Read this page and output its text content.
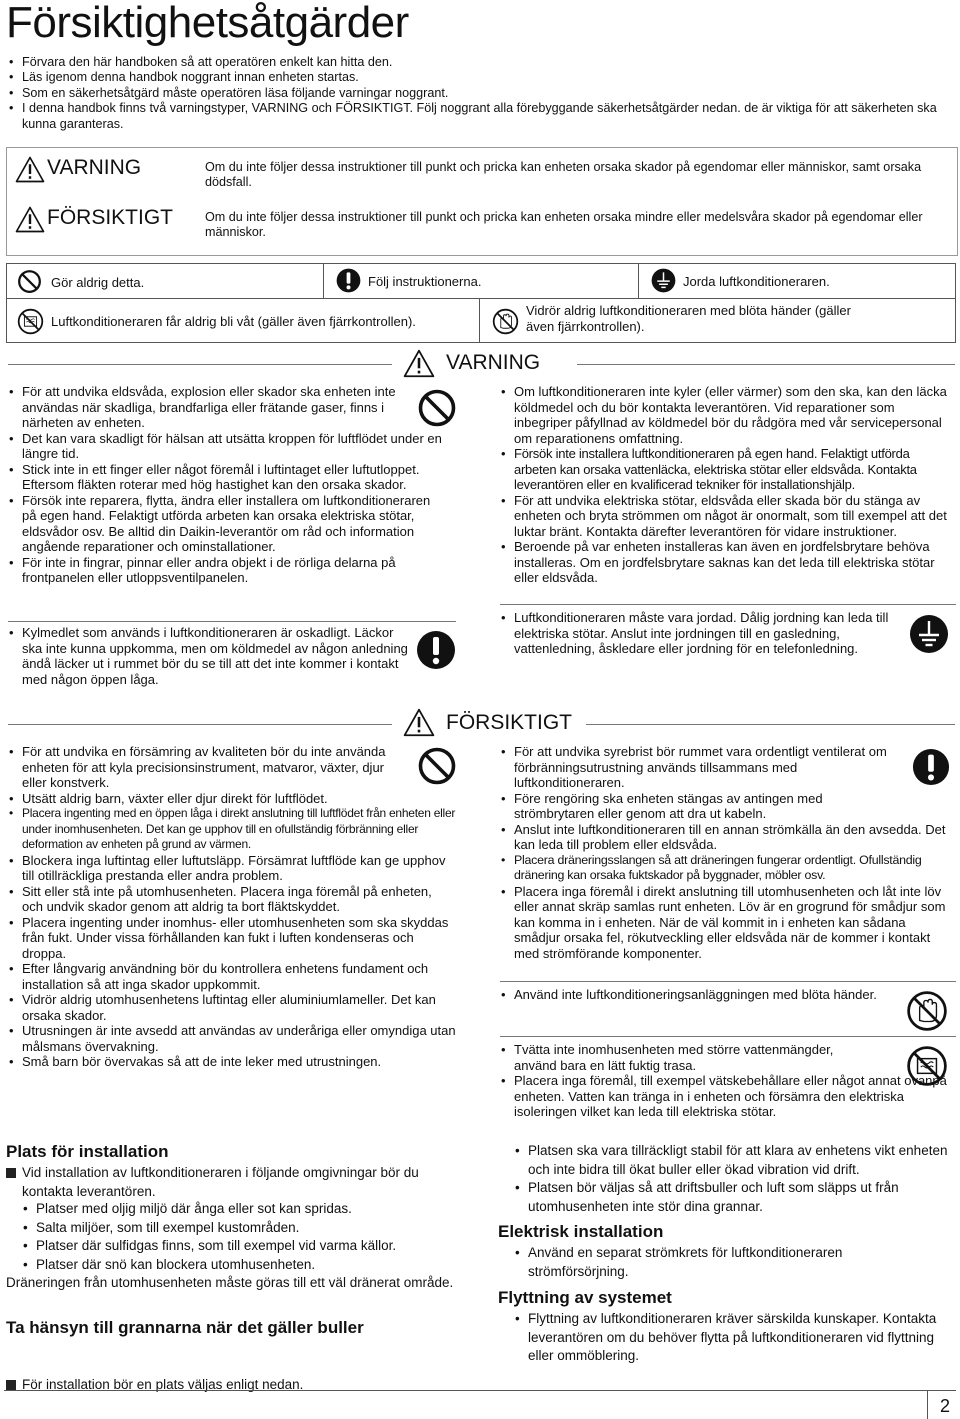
Försiktighetsåtgärder
• Förvara den här handboken så att operatören enkelt kan hitta den.
• Läs igenom denna handbok noggrant innan enheten startas.
• Som en säkerhetsåtgärd måste operatören läsa följande varningar noggrant.
• I denna handbok finns två varningstyper, VARNING och FÖRSIKTIGT. Följ noggrant alla förebyggande säkerhetsåtgärder nedan. de är viktiga för att säkerheten ska kunna garanteras.
VARNING	Om du inte följer dessa instruktioner till punkt och pricka kan enheten orsaka skador på egendomar eller människor, samt orsaka dödsfall.
FÖRSIKTIGT	Om du inte följer dessa instruktioner till punkt och pricka kan enheten orsaka mindre eller medelsvåra skador på egendomar eller människor.
Gör aldrig detta.	Följ instruktionerna.	Jorda luftkonditioneraren.
Luftkonditioneraren får aldrig bli våt (gäller även fjärrkontrollen).
Vidrör aldrig luftkonditioneraren med blöta händer (gäller även fjärrkontrollen).
VARNING
• För att undvika eldsvåda, explosion eller skador ska enheten inte användas när skadliga, brandfarliga eller frätande gaser, finns i närheten av enheten.
• Det kan vara skadligt för hälsan att utsätta kroppen för luftflödet under en längre tid.
• Stick inte in ett finger eller något föremål i luftintaget eller luftutloppet. Eftersom fläkten roterar med hög hastighet kan den orsaka skador.
• Försök inte reparera, flytta, ändra eller installera om luftkonditioneraren på egen hand. Felaktigt utförda arbeten kan orsaka elektriska stötar, eldsvådor osv. Be alltid din Daikin-leverantör om råd och information angående reparationer och ominstallationer.
• För inte in fingrar, pinnar eller andra objekt i de rörliga delarna på frontpanelen eller utloppsventilpanelen.
• Kylmedlet som används i luftkonditioneraren är oskadligt. Läckor ska inte kunna uppkomma, men om köldmedel av någon anledning ändå läcker ut i rummet bör du se till att det inte kommer i kontakt med någon öppen låga.
• Om luftkonditioneraren inte kyler (eller värmer) som den ska, kan den läcka köldmedel och du bör kontakta leverantören. Vid reparationer som inbegriper påfyllnad av köldmedel bör du rådgöra med vår servicepersonal om reparationens omfattning.
• Försök inte installera luftkonditioneraren på egen hand. Felaktigt utförda arbeten kan orsaka vattenläcka, elektriska stötar eller eldsvåda. Kontakta leverantören eller en kvalificerad tekniker för installationshjälp.
• För att undvika elektriska stötar, eldsvåda eller skada bör du stänga av enheten och bryta strömmen om något är onormalt, som till exempel att det luktar bränt. Kontakta därefter leverantören för vidare instruktioner.
• Beroende på var enheten installeras kan även en jordfelsbrytare behöva installeras. Om en jordfelsbrytare saknas kan det leda till elektriska stötar eller eldsvåda.
• Luftkonditioneraren måste vara jordad. Dålig jordning kan leda till elektriska stötar. Anslut inte jordningen till en gasledning, vattenledning, åskledare eller jordning för en telefonledning.
FÖRSIKTIGT
• För att undvika en försämring av kvaliteten bör du inte använda enheten för att kyla precisionsinstrument, matvaror, växter, djur eller konstverk.
• Utsätt aldrig barn, växter eller djur direkt för luftflödet.
• Placera ingenting med en öppen låga i direkt anslutning till luftflödet från enheten eller under inomhusenheten. Det kan ge upphov till en ofullständig förbränning eller deformation av enheten på grund av värmen.
• Blockera inga luftintag eller luftutsläpp. Försämrat luftflöde kan ge upphov till otillräckliga prestanda eller andra problem.
• Sitt eller stå inte på utomhusenheten. Placera inga föremål på enheten, och undvik skador genom att aldrig ta bort fläktskyddet.
• Placera ingenting under inomhus- eller utomhusenheten som ska skyddas från fukt. Under vissa förhållanden kan fukt i luften kondenseras och droppa.
• Efter långvarig användning bör du kontrollera enhetens fundament och installation så att inga skador uppkommit.
• Vidrör aldrig utomhusenhetens luftintag eller aluminiumlameller. Det kan orsaka skador.
• Utrusningen är inte avsedd att användas av underåriga eller omyndiga utan målsmans övervakning.
• Små barn bör övervakas så att de inte leker med utrustningen.
• För att undvika syrebrist bör rummet vara ordentligt ventilerat om förbränningsutrustning används tillsammans med luftkonditioneraren.
• Före rengöring ska enheten stängas av antingen med strömbrytaren eller genom att dra ut kabeln.
• Anslut inte luftkonditioneraren till en annan strömkälla än den avsedda. Det kan leda till problem eller eldsvåda.
• Placera dräneringsslangen så att dräneringen fungerar ordentligt. Ofullständig dränering kan orsaka fuktskador på byggnader, möbler osv.
• Placera inga föremål i direkt anslutning till utomhusenheten och låt inte löv eller annat skräp samlas runt enheten. Löv är en grogrund för smådjur som kan komma in i enheten. När de väl kommit in i enheten kan sådana smådjur orsaka fel, rökutveckling eller eldsvåda när de kommer i kontakt med strömförande komponenter.
• Använd inte luftkonditioneringsanläggningen med blöta händer.
• Tvätta inte inomhusenheten med större vattenmängder, använd bara en lätt fuktig trasa.
• Placera inga föremål, till exempel vätskebehållare eller något annat ovanpå enheten. Vatten kan tränga in i enheten och försämra den elektriska isoleringen vilket kan leda till elektriska stötar.
Plats för installation
Vid installation av luftkonditioneraren i följande omgivningar bör du kontakta leverantören.
• Platser med oljig miljö där ånga eller sot kan spridas.
• Salta miljöer, som till exempel kustområden.
• Platser där sulfidgas finns, som till exempel vid varma källor.
• Platser där snö kan blockera utomhusenheten.
Dräneringen från utomhusenheten måste göras till ett väl dränerat område.
Ta hänsyn till grannarna när det gäller buller
För installation bör en plats väljas enligt nedan.
• Platsen ska vara tillräckligt stabil för att klara av enhetens vikt enheten och inte bidra till ökat buller eller ökad vibration vid drift.
• Platsen bör väljas så att driftsbuller och luft som släpps ut från utomhusenheten inte stör dina grannar.
Elektrisk installation
• Använd en separat strömkrets för luftkonditioneraren strömförsörjning.
Flyttning av systemet
• Flyttning av luftkonditioneraren kräver särskilda kunskaper. Kontakta leverantören om du behöver flytta på luftkonditioneraren vid flyttning eller ommöblering.
2
